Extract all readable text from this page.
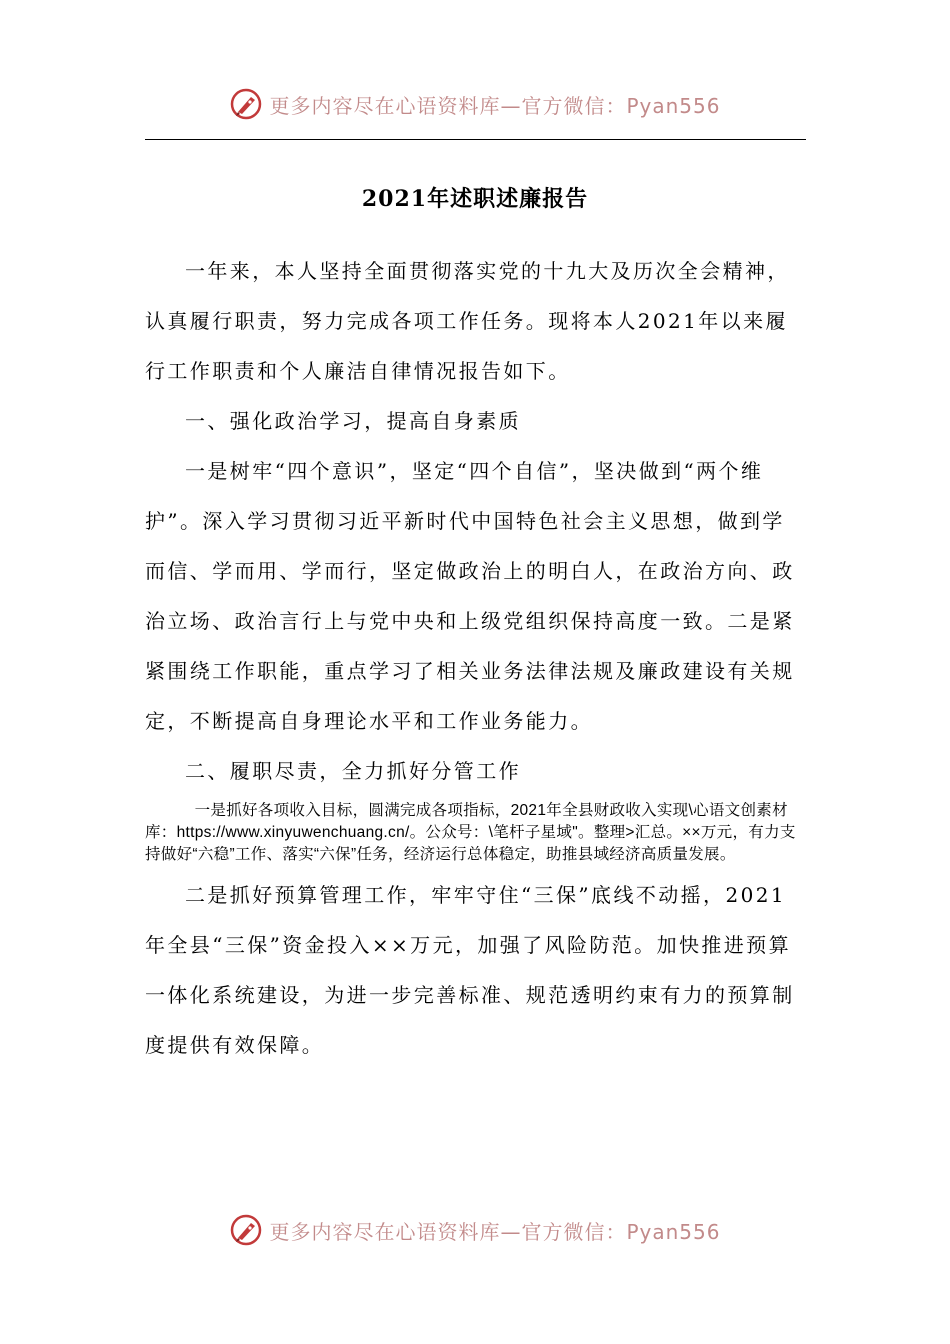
更多内容尽在心语资料库—官方微信：Pyan556
2021年述职述廉报告

一年来，本人坚持全面贯彻落实党的十九大及历次全会精神，认真履行职责，努力完成各项工作任务。现将本人2021年以来履行工作职责和个人廉洁自律情况报告如下。

一、强化政治学习，提高自身素质

一是树牢“四个意识”，坚定“四个自信”，坚决做到“两个维护”。深入学习贯彻习近平新时代中国特色社会主义思想，做到学而信、学而用、学而行，坚定做政治上的明白人，在政治方向、政治立场、政治言行上与党中央和上级党组织保持高度一致。二是紧紧围绕工作职能，重点学习了相关业务法律法规及廉政建设有关规定，不断提高自身理论水平和工作业务能力。

二、履职尽责，全力抓好分管工作

一是抓好各项收入目标，圆满完成各项指标，2021年全县财政收入实现\心语文创素材库：https://www.xinyuwenchuang.cn/。公众号：\笔杆子星域"。整理>汇总。××万元，有力支持做好“六稳”工作、落实“六保”任务，经济运行总体稳定，助推县域经济高质量发展。

二是抓好预算管理工作，牢牢守住“三保”底线不动摇，2021年全县“三保”资金投入××万元，加强了风险防范。加快推进预算一体化系统建设，为进一步完善标准、规范透明约束有力的预算制度提供有效保障。

更多内容尽在心语资料库—官方微信：Pyan556
